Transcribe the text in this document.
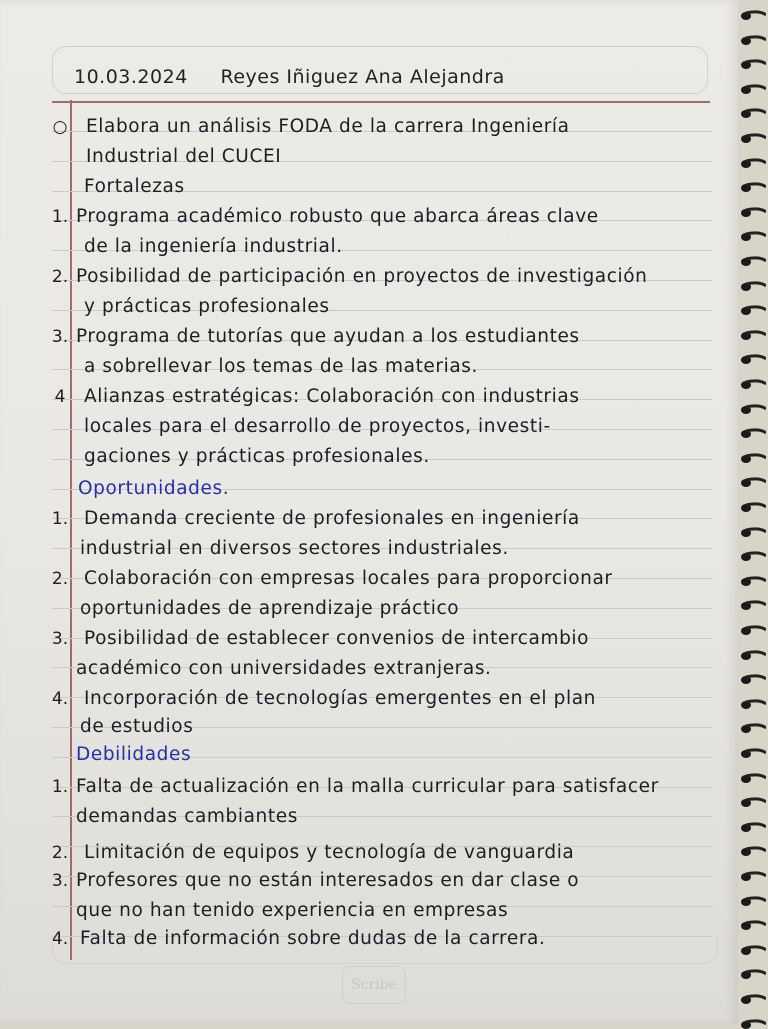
10.03.2024 Reyes Iñiguez Ana Alejandra
○ Elabora un análisis FODA de la carrera Ingeniería
Industrial del CUCEI
Fortalezas
1. Programa académico robusto que abarca áreas clave
de la ingeniería industrial.
2. Posibilidad de participación en proyectos de investigación
y prácticas profesionales
3. Programa de tutorías que ayudan a los estudiantes
a sobrellevar los temas de las materias.
4 Alianzas estratégicas: Colaboración con industrias
locales para el desarrollo de proyectos, investi-
gaciones y prácticas profesionales.
Oportunidades.
1. Demanda creciente de profesionales en ingeniería
industrial en diversos sectores industriales.
2. Colaboración con empresas locales para proporcionar
oportunidades de aprendizaje práctico
3. Posibilidad de establecer convenios de intercambio
académico con universidades extranjeras.
4. Incorporación de tecnologías emergentes en el plan
de estudios
Debilidades
1. Falta de actualización en la malla curricular para satisfacer
demandas cambiantes
2. Limitación de equipos y tecnología de vanguardia
3. Profesores que no están interesados en dar clase o
que no han tenido experiencia en empresas
4. Falta de información sobre dudas de la carrera.
Scribe
